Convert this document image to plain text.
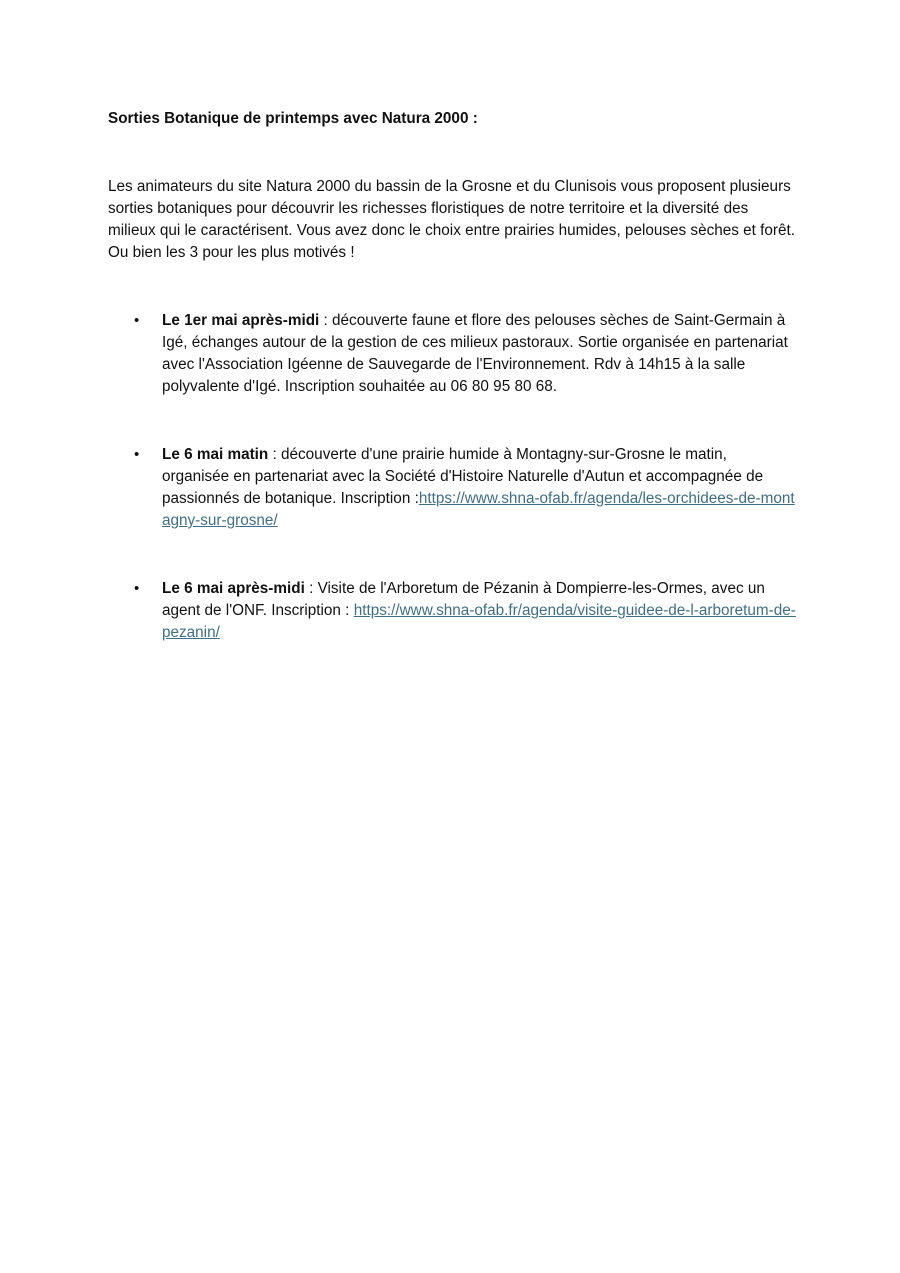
Sorties Botanique de printemps avec Natura 2000 :

Les animateurs du site Natura 2000 du bassin de la Grosne et du Clunisois vous proposent plusieurs sorties botaniques pour découvrir les richesses floristiques de notre territoire et la diversité des milieux qui le caractérisent. Vous avez donc le choix entre prairies humides, pelouses sèches et forêt. Ou bien les 3 pour les plus motivés !

• Le 1er mai après-midi : découverte faune et flore des pelouses sèches de Saint-Germain à Igé, échanges autour de la gestion de ces milieux pastoraux. Sortie organisée en partenariat avec l'Association Igéenne de Sauvegarde de l'Environnement. Rdv à 14h15 à la salle polyvalente d'Igé. Inscription souhaitée au 06 80 95 80 68.
• Le 6 mai matin : découverte d'une prairie humide à Montagny-sur-Grosne le matin, organisée en partenariat avec la Société d'Histoire Naturelle d'Autun et accompagnée de passionnés de botanique. Inscription :https://www.shna-ofab.fr/agenda/les-orchidees-de-montagny-sur-grosne/
• Le 6 mai après-midi : Visite de l'Arboretum de Pézanin à Dompierre-les-Ormes, avec un agent de l'ONF. Inscription : https://www.shna-ofab.fr/agenda/visite-guidee-de-l-arboretum-de-pezanin/
